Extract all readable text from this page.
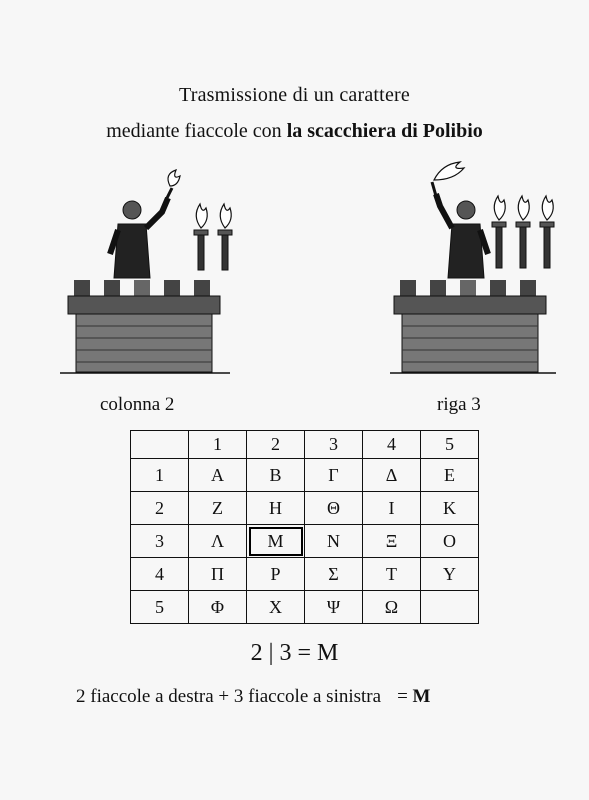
Trasmissione di un carattere
mediante fiaccole con la scacchiera di Polibio
colonna 2	riga 3
	1	2	3	4	5
1	Α	Β	Γ	Δ	Ε
2	Ζ	Η	Θ	Ι	Κ
3	Λ	Μ	Ν	Ξ	Ο
4	Π	Ρ	Σ	Τ	Υ
5	Φ	Χ	Ψ	Ω	
2 | 3 = M
2 fiaccole a destra + 3 fiaccole a sinistra = M
